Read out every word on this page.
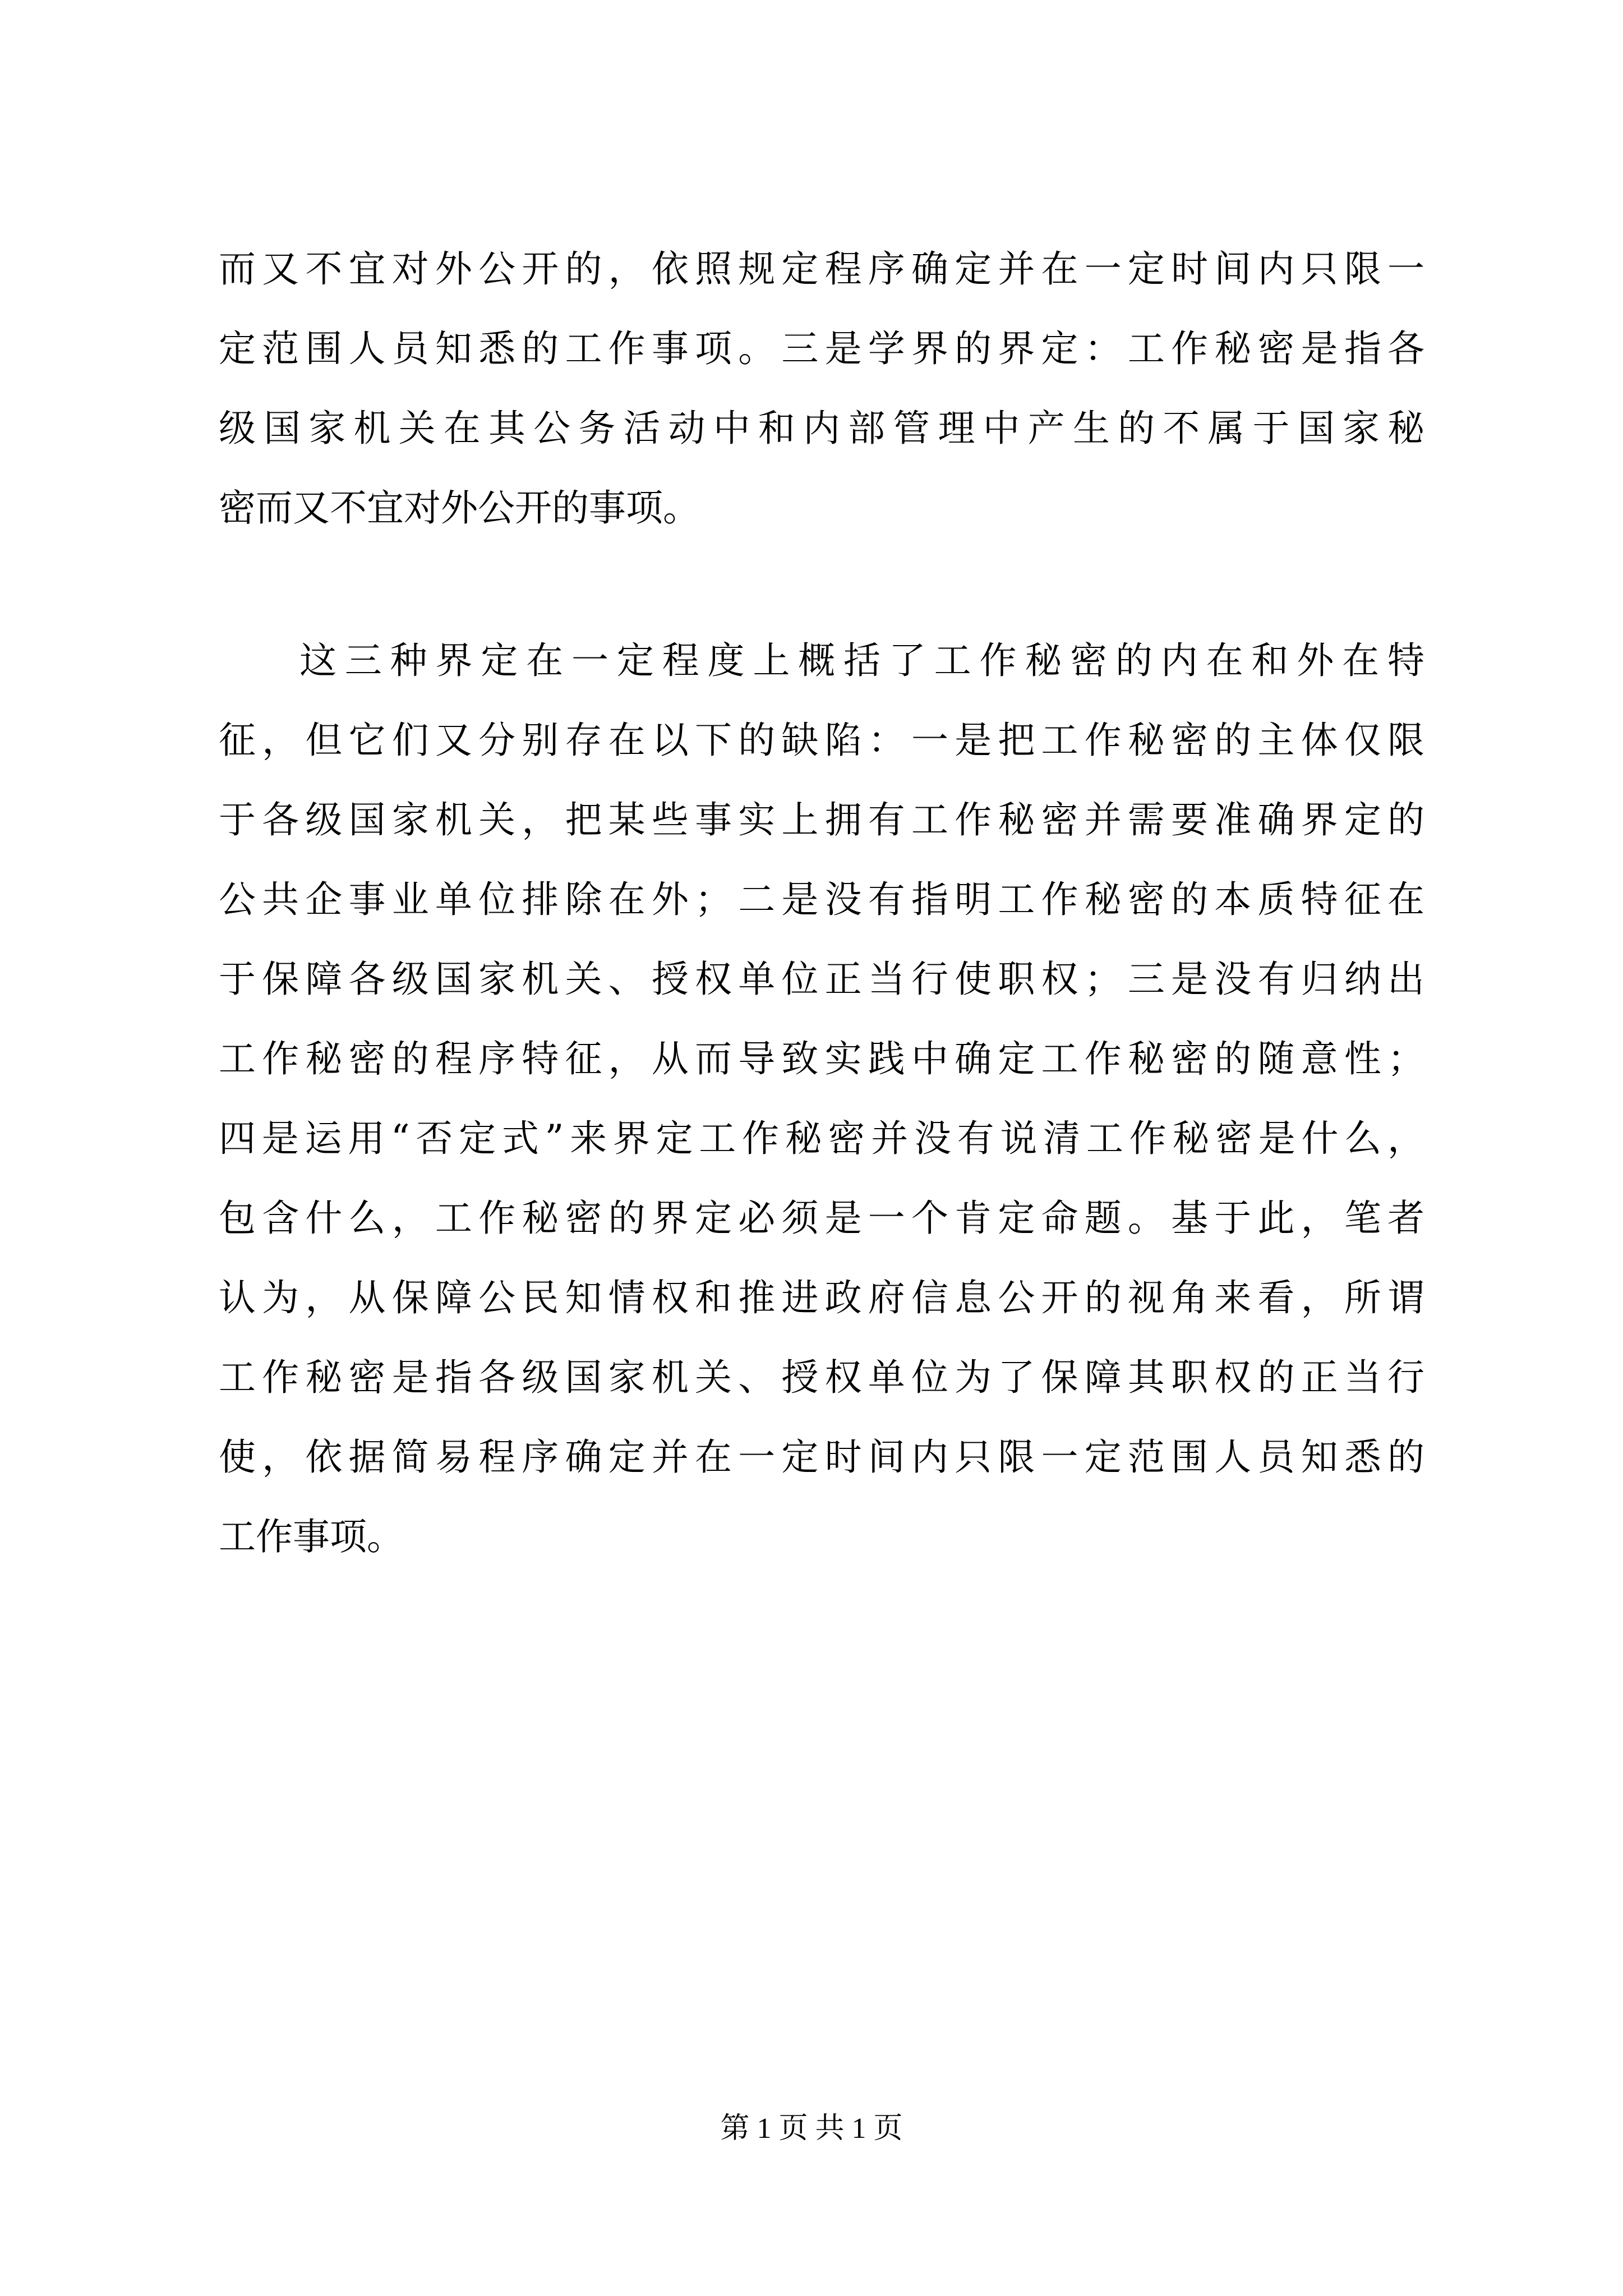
而又不宜对外公开的，依照规定程序确定并在一定时间内只限一

定范围人员知悉的工作事项。三是学界的界定：工作秘密是指各

级国家机关在其公务活动中和内部管理中产生的不属于国家秘

密而又不宜对外公开的事项。

这三种界定在一定程度上概括了工作秘密的内在和外在特

征，但它们又分别存在以下的缺陷：一是把工作秘密的主体仅限

于各级国家机关，把某些事实上拥有工作秘密并需要准确界定的

公共企事业单位排除在外；二是没有指明工作秘密的本质特征在

于保障各级国家机关、授权单位正当行使职权；三是没有归纳出

工作秘密的程序特征，从而导致实践中确定工作秘密的随意性；

四是运用“否定式”来界定工作秘密并没有说清工作秘密是什么，

包含什么，工作秘密的界定必须是一个肯定命题。基于此，笔者

认为，从保障公民知情权和推进政府信息公开的视角来看，所谓

工作秘密是指各级国家机关、授权单位为了保障其职权的正当行

使，依据简易程序确定并在一定时间内只限一定范围人员知悉的

工作事项。

第 1 页 共 1 页
